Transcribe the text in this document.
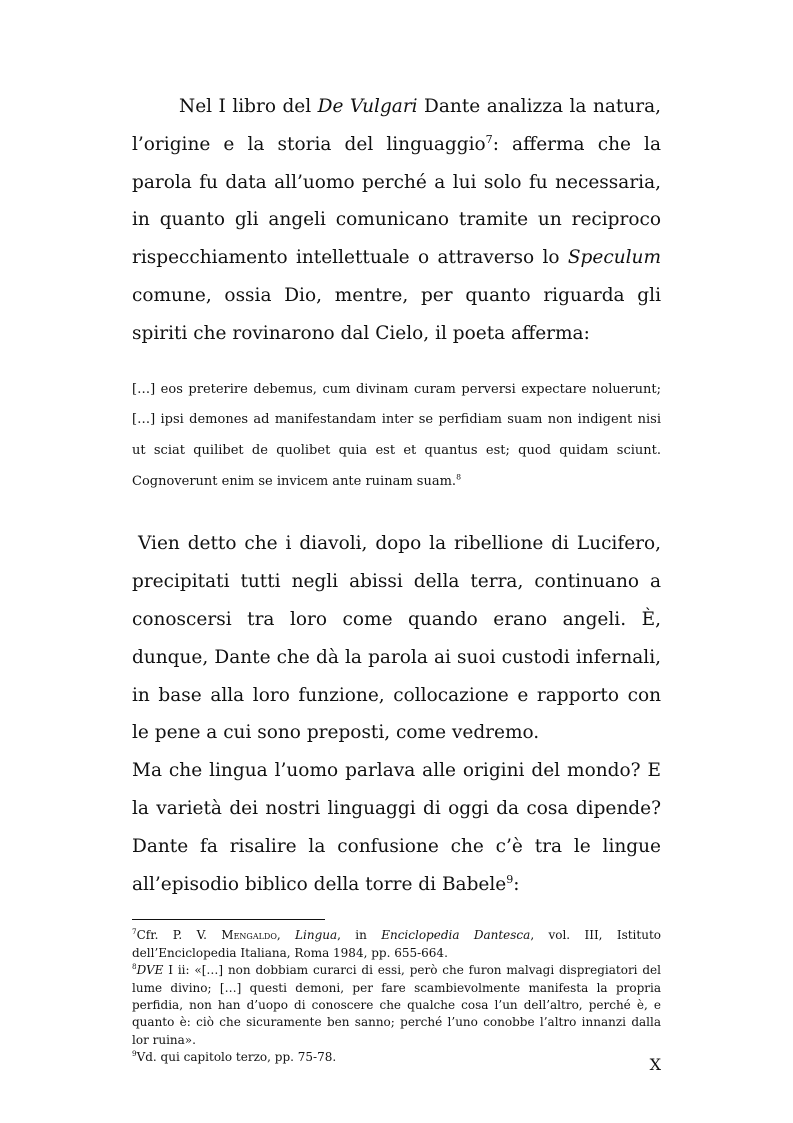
Nel I libro del De Vulgari Dante analizza la natura, l’origine e la storia del linguaggio$^7$: afferma che la parola fu data all’uomo perché a lui solo fu necessaria, in quanto gli angeli comunicano tramite un reciproco rispecchiamento intellettuale o attraverso lo Speculum comune, ossia Dio, mentre, per quanto riguarda gli spiriti che rovinarono dal Cielo, il poeta afferma:

[…] eos preterire debemus, cum divinam curam perversi expectare noluerunt; […] ipsi demones ad manifestandam inter se perfidiam suam non indigent nisi ut sciat quilibet de quolibet quia est et quantus est; quod quidam sciunt. Cognoverunt enim se invicem ante ruinam suam.$^8$

Vien detto che i diavoli, dopo la ribellione di Lucifero, precipitati tutti negli abissi della terra, continuano a conoscersi tra loro come quando erano angeli. È, dunque, Dante che dà la parola ai suoi custodi infernali, in base alla loro funzione, collocazione e rapporto con le pene a cui sono preposti, come vedremo.

Ma che lingua l’uomo parlava alle origini del mondo? E la varietà dei nostri linguaggi di oggi da cosa dipende? Dante fa risalire la confusione che c’è tra le lingue all’episodio biblico della torre di Babele$^9$:

$^7$Cfr. P. V. Mengaldo, Lingua, in Enciclopedia Dantesca, vol. III, Istituto dell’Enciclopedia Italiana, Roma 1984, pp. 655-664.

$^8$DVE I ii: «[…] non dobbiam curarci di essi, però che furon malvagi dispregiatori del lume divino; […] questi demoni, per fare scambievolmente manifesta la propria perfidia, non han d’uopo di conoscere che qualche cosa l’un dell’altro, perché è, e quanto è: ciò che sicuramente ben sanno; perché l’uno conobbe l’altro innanzi dalla lor ruina».

$^9$Vd. qui capitolo terzo, pp. 75-78.	X
